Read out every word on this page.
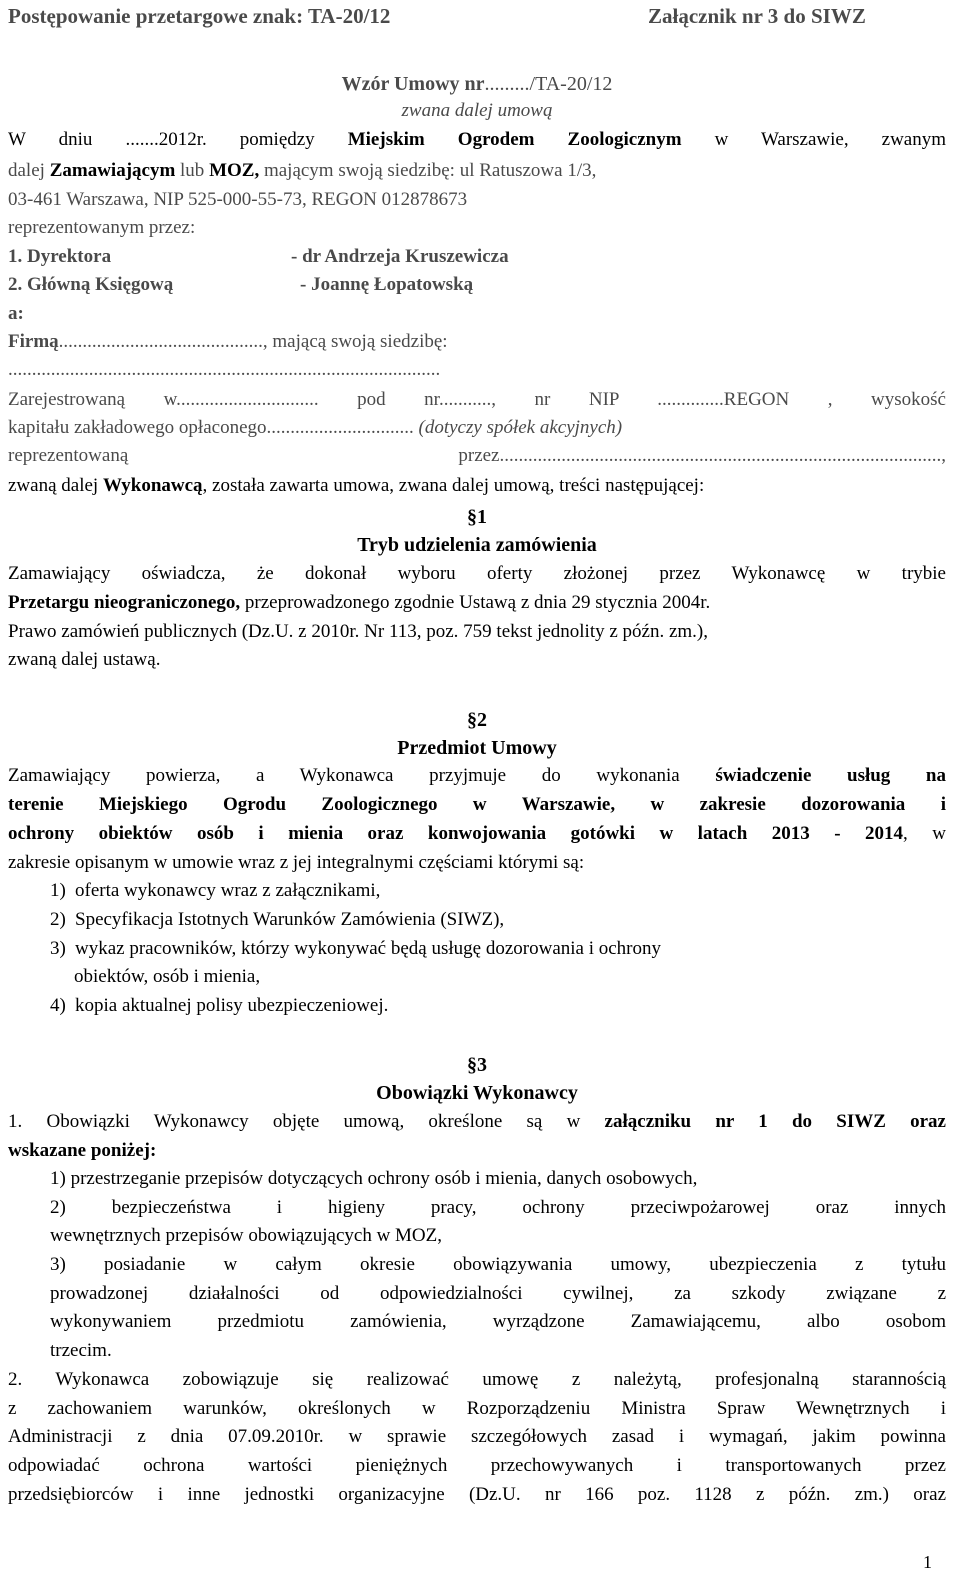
Postępowanie przetargowe znak: TA-20/12	Załącznik nr 3 do SIWZ
Wzór Umowy nr........./TA-20/12
zwana dalej umową
W dniu .......2012r. pomiędzy Miejskim Ogrodem Zoologicznym w Warszawie, zwanym
dalej Zamawiającym lub MOZ, mającym swoją siedzibę: ul Ratuszowa 1/3,
03-461 Warszawa, NIP 525-000-55-73, REGON 012878673
reprezentowanym przez:
1. Dyrektora	- dr Andrzeja Kruszewicza
2. Główną Księgową	- Joannę Łopatowską
a:
Firmą..........................................., mającą swoją siedzibę:
...........................................................................................
Zarejestrowaną w.............................. pod nr..........., nr NIP ..............REGON , wysokość
kapitału zakładowego opłaconego............................... (dotyczy spółek akcyjnych)
reprezentowaną przez.............................................................................................,
zwaną dalej Wykonawcą, została zawarta umowa, zwana dalej umową, treści następującej:
§1
Tryb udzielenia zamówienia
Zamawiający oświadcza, że dokonał wyboru oferty złożonej przez Wykonawcę w trybie
Przetargu nieograniczonego, przeprowadzonego zgodnie Ustawą z dnia 29 stycznia 2004r.
Prawo zamówień publicznych (Dz.U. z 2010r. Nr 113, poz. 759 tekst jednolity z późn. zm.),
zwaną dalej ustawą.
§2
Przedmiot Umowy
Zamawiający powierza, a Wykonawca przyjmuje do wykonania świadczenie usług na
terenie Miejskiego Ogrodu Zoologicznego w Warszawie, w zakresie dozorowania i
ochrony obiektów osób i mienia oraz konwojowania gotówki w latach 2013 - 2014, w
zakresie opisanym w umowie wraz z jej integralnymi częściami którymi są:
1) oferta wykonawcy wraz z załącznikami,
2) Specyfikacja Istotnych Warunków Zamówienia (SIWZ),
3) wykaz pracowników, którzy wykonywać będą usługę dozorowania i ochrony
obiektów, osób i mienia,
4) kopia aktualnej polisy ubezpieczeniowej.
§3
Obowiązki Wykonawcy
1. Obowiązki Wykonawcy objęte umową, określone są w załączniku nr 1 do SIWZ oraz
wskazane poniżej:
1) przestrzeganie przepisów dotyczących ochrony osób i mienia, danych osobowych,
2) bezpieczeństwa i higieny pracy, ochrony przeciwpożarowej oraz innych
wewnętrznych przepisów obowiązujących w MOZ,
3) posiadanie w całym okresie obowiązywania umowy, ubezpieczenia z tytułu
prowadzonej działalności od odpowiedzialności cywilnej, za szkody związane z
wykonywaniem przedmiotu zamówienia, wyrządzone Zamawiającemu, albo osobom
trzecim.
2. Wykonawca zobowiązuje się realizować umowę z należytą, profesjonalną starannością
z zachowaniem warunków, określonych w Rozporządzeniu Ministra Spraw Wewnętrznych i
Administracji z dnia 07.09.2010r. w sprawie szczegółowych zasad i wymagań, jakim powinna
odpowiadać ochrona wartości pieniężnych przechowywanych i transportowanych przez
przedsiębiorców i inne jednostki organizacyjne (Dz.U. nr 166 poz. 1128 z późn. zm.) oraz
1
